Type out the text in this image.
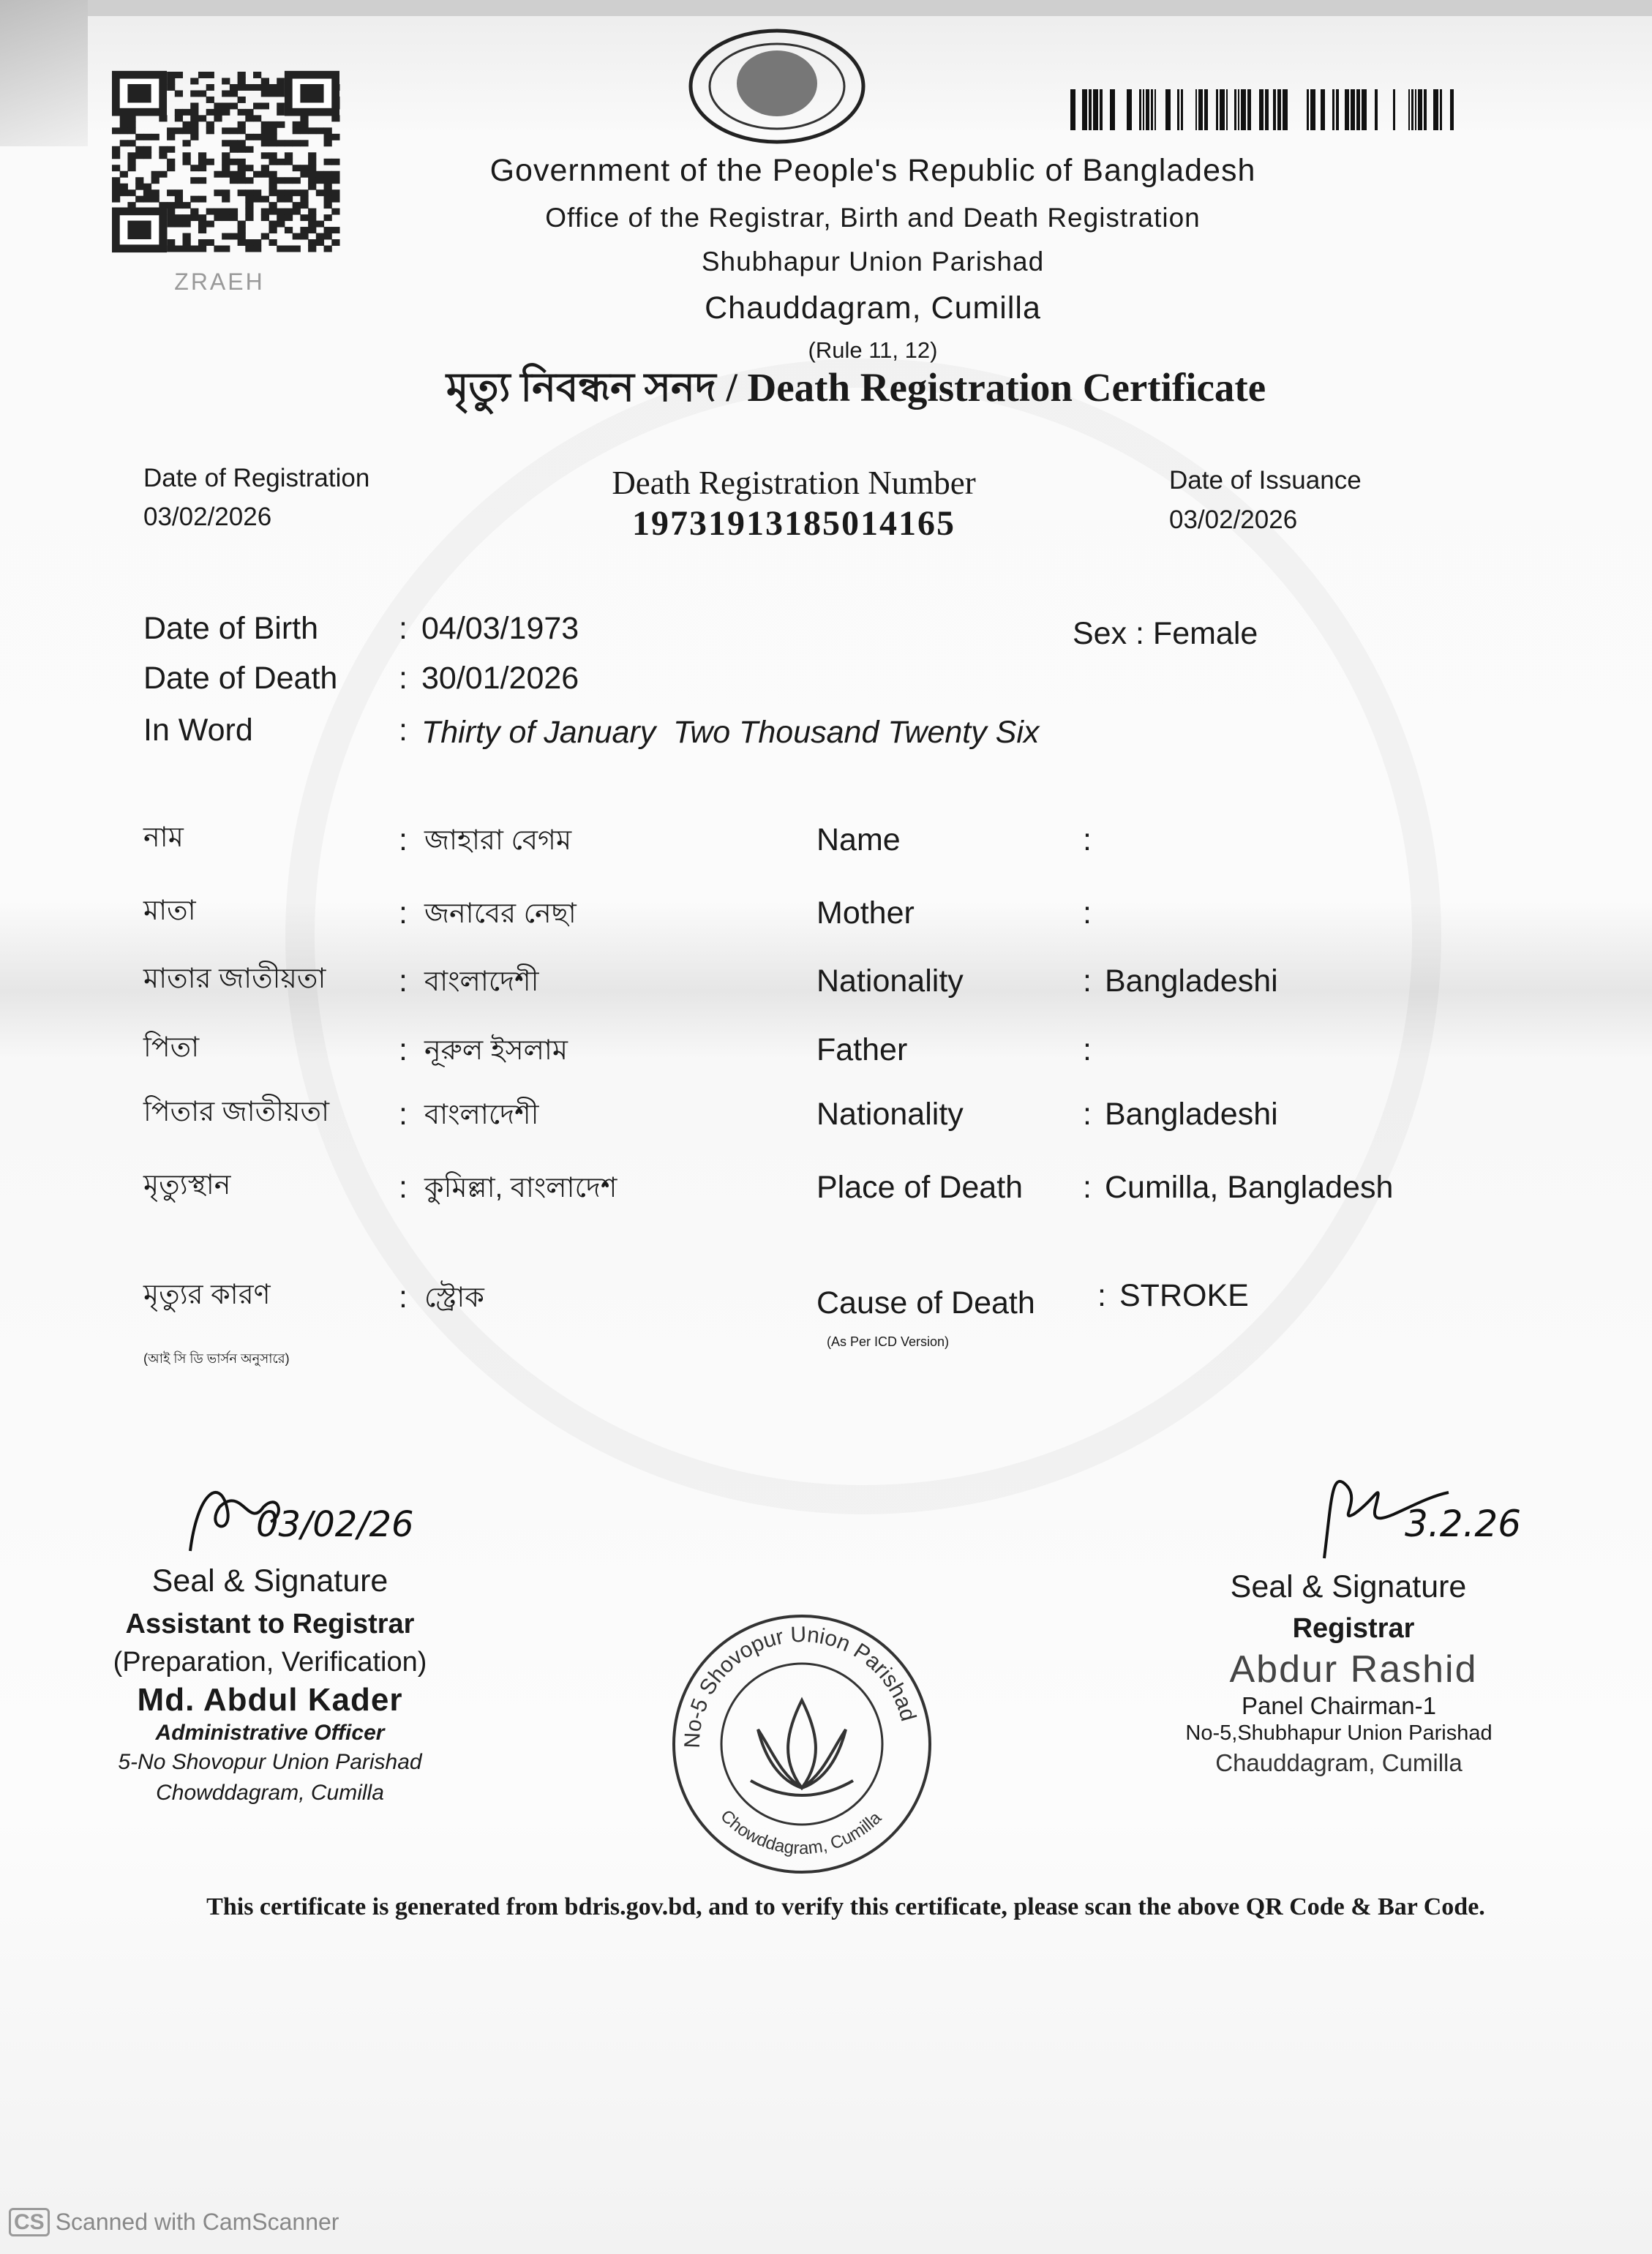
ZRAEH
Government of the People's Republic of Bangladesh
Office of the Registrar, Birth and Death Registration
Shubhapur Union Parishad
Chauddagram, Cumilla
(Rule 11, 12)
মৃত্যু নিবন্ধন সনদ / Death Registration Certificate
Date of Registration
03/02/2026
Death Registration Number
19731913185014165
Date of Issuance
03/02/2026
Date of Birth	: 04/03/1973	Sex : Female
Date of Death : 30/01/2026
In Word	: Thirty of January  Two Thousand Twenty Six
নাম	: জাহারা বেগম	Name	:
মাতা	: জনাবের নেছা	Mother	:
মাতার জাতীয়তা	: বাংলাদেশী	Nationality	: Bangladeshi
পিতা	: নূরুল ইসলাম	Father	:
পিতার জাতীয়তা	: বাংলাদেশী	Nationality	: Bangladeshi
মৃত্যুস্থান	: কুমিল্লা, বাংলাদেশ	Place of Death : Cumilla, Bangladesh
মৃত্যুর কারণ	: স্ট্রোক	Cause of Death : STROKE
(আই সি ডি ভার্সন অনুসারে)
(As Per ICD Version)
03/02/26
Seal & Signature
Assistant to Registrar
(Preparation, Verification)
Md. Abdul Kader
Administrative Officer
5-No Shovopur Union Parishad
Chowddagram, Cumilla
No-5 Shovopur Union Parishad
Chowddagram, Cumilla
3.2.26
Seal & Signature
Registrar
Abdur Rashid
Panel Chairman-1
No-5,Shubhapur Union Parishad
Chauddagram, Cumilla
This certificate is generated from bdris.gov.bd, and to verify this certificate, please scan the above QR Code & Bar Code.
CS Scanned with CamScanner
